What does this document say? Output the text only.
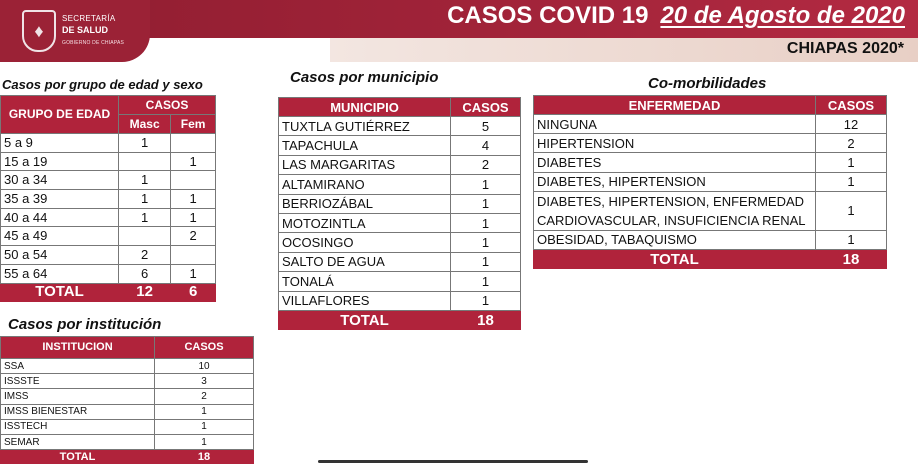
♦
SECRETARÍA
DE SALUD
GOBIERNO DE CHIAPAS
CASOS COVID 19 20 de Agosto de 2020
CHIAPAS 2020*
Casos por grupo de edad y sexo	Casos por municipio	Co-morbilidades
Casos por institución
GRUPO DE EDAD	CASOS	
	Masc	Fem
5 a 9	1	
15 a 19		1
30 a 34	1	
35 a 39	1	1
40 a 44	1	1
45 a 49		2
50 a 54	2	
55 a 64	6	1
TOTAL	12	6
MUNICIPIO	CASOS
TUXTLA GUTIÉRREZ	5
TAPACHULA	4
LAS MARGARITAS	2
ALTAMIRANO	1
BERRIOZÁBAL	1
MOTOZINTLA	1
OCOSINGO	1
SALTO DE AGUA	1
TONALÁ	1
VILLAFLORES	1
TOTAL	18
ENFERMEDAD	CASOS
NINGUNA	12
HIPERTENSION	2
DIABETES	1
DIABETES, HIPERTENSION	1

DIABETES, HIPERTENSION, ENFERMEDAD
CARDIOVASCULAR, INSUFICIENCIA RENAL	1
OBESIDAD, TABAQUISMO	1
TOTAL	18
INSTITUCION	CASOS
SSA	10
ISSSTE	3
IMSS	2
IMSS BIENESTAR	1
ISSTECH	1
SEMAR	1
TOTAL	18
